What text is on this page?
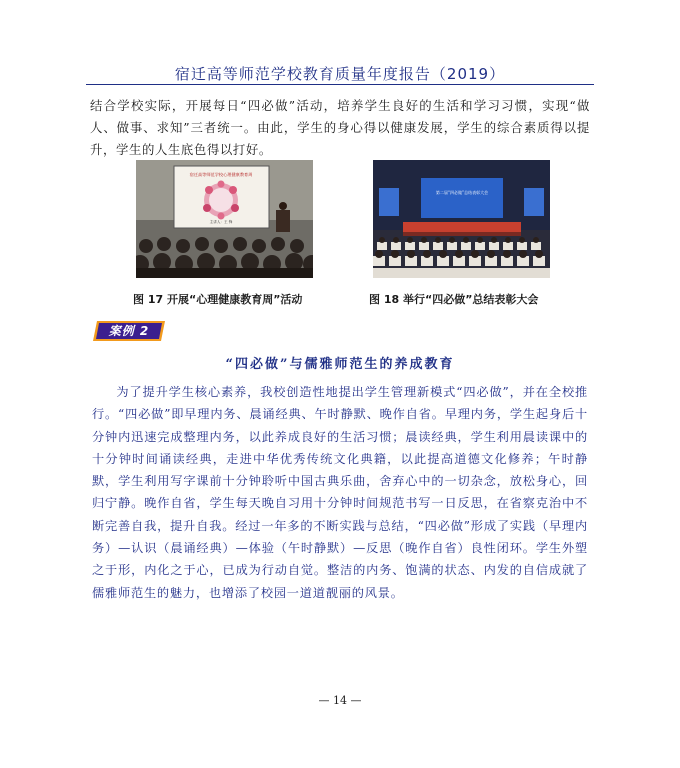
宿迁高等师范学校教育质量年度报告（2019）
结合学校实际，开展每日“四必做”活动，培养学生良好的生活和学习习惯，实现“做人、做事、求知”三者统一。由此，学生的身心得以健康发展，学生的综合素质得以提升，学生的人生底色得以打好。
宿迁高等师范学校心理健康教育周
主讲人：王 锋
第二届“四必做”总结表彰大会
图 17 开展“心理健康教育周”活动	图 18 举行“四必做”总结表彰大会
案例 2
“四必做”与儒雅师范生的养成教育

为了提升学生核心素养，我校创造性地提出学生管理新模式“四必做”，并在全校推行。“四必做”即早理内务、晨诵经典、午时静默、晚作自省。早理内务，学生起身后十分钟内迅速完成整理内务，以此养成良好的生活习惯；晨读经典，学生利用晨读课中的十分钟时间诵读经典，走进中华优秀传统文化典籍，以此提高道德文化修养；午时静默，学生利用写字课前十分钟聆听中国古典乐曲，舍弃心中的一切杂念，放松身心，回归宁静。晚作自省，学生每天晚自习用十分钟时间规范书写一日反思，在省察克治中不断完善自我，提升自我。经过一年多的不断实践与总结，“四必做”形成了实践（早理内务）—认识（晨诵经典）—体验（午时静默）—反思（晚作自省）良性闭环。学生外塑之于形，内化之于心，已成为行动自觉。整洁的内务、饱满的状态、内发的自信成就了儒雅师范生的魅力，也增添了校园一道道靓丽的风景。

— 14 —
